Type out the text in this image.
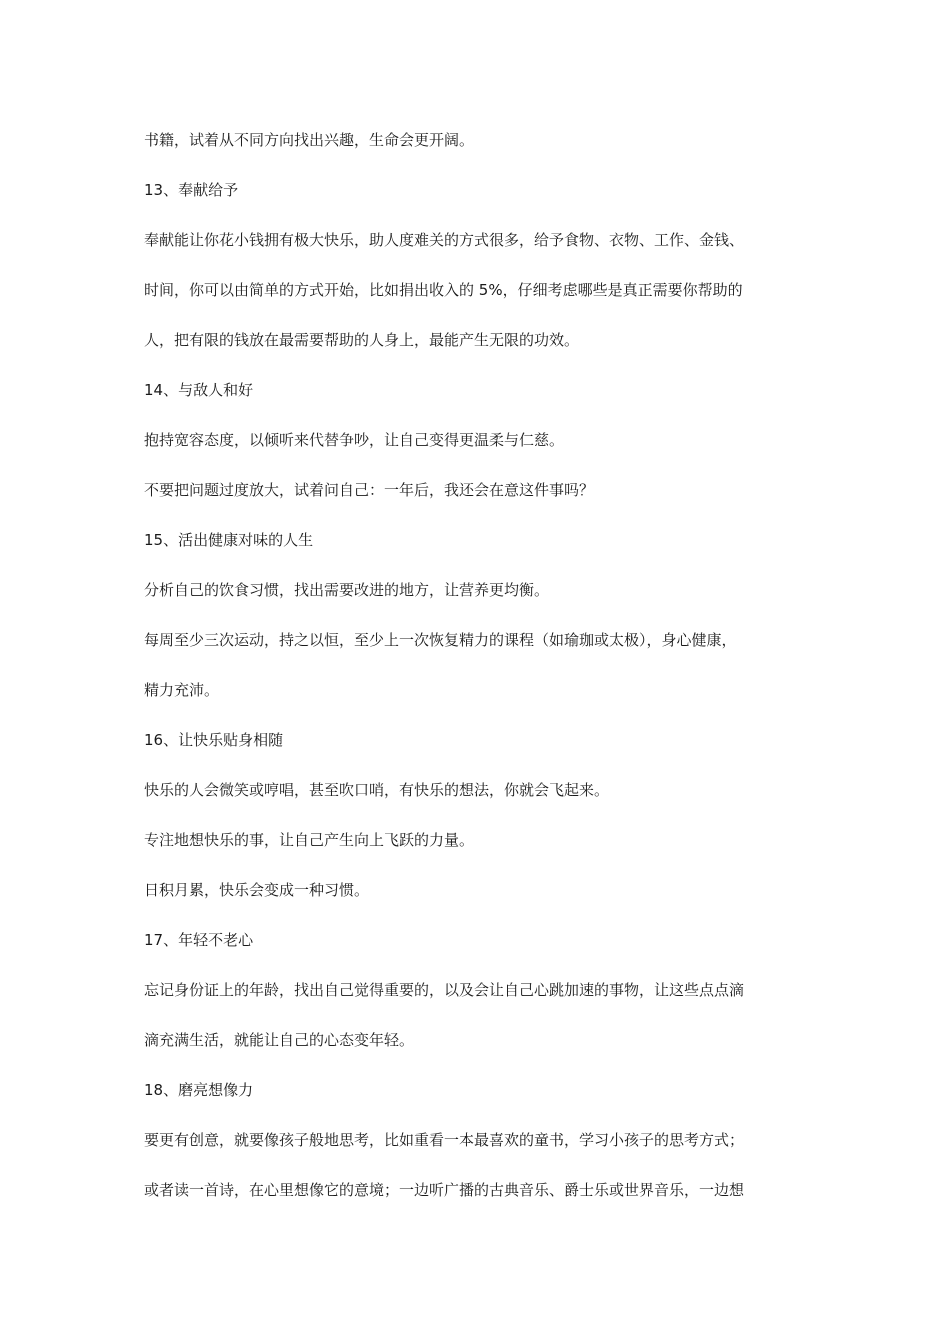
书籍，试着从不同方向找出兴趣，生命会更开阔。

13、奉献给予

奉献能让你花小钱拥有极大快乐，助人度难关的方式很多，给予食物、衣物、工作、金钱、

时间，你可以由简单的方式开始，比如捐出收入的 5%，仔细考虑哪些是真正需要你帮助的

人，把有限的钱放在最需要帮助的人身上，最能产生无限的功效。

14、与敌人和好

抱持宽容态度，以倾听来代替争吵，让自己变得更温柔与仁慈。

不要把问题过度放大，试着问自己：一年后，我还会在意这件事吗？

15、活出健康对味的人生

分析自己的饮食习惯，找出需要改进的地方，让营养更均衡。

每周至少三次运动，持之以恒，至少上一次恢复精力的课程（如瑜珈或太极），身心健康，

精力充沛。

16、让快乐贴身相随

快乐的人会微笑或哼唱，甚至吹口哨，有快乐的想法，你就会飞起来。

专注地想快乐的事，让自己产生向上飞跃的力量。

日积月累，快乐会变成一种习惯。

17、年轻不老心

忘记身份证上的年龄，找出自己觉得重要的，以及会让自己心跳加速的事物，让这些点点滴

滴充满生活，就能让自己的心态变年轻。

18、磨亮想像力

要更有创意，就要像孩子般地思考，比如重看一本最喜欢的童书，学习小孩子的思考方式；

或者读一首诗，在心里想像它的意境；一边听广播的古典音乐、爵士乐或世界音乐，一边想
